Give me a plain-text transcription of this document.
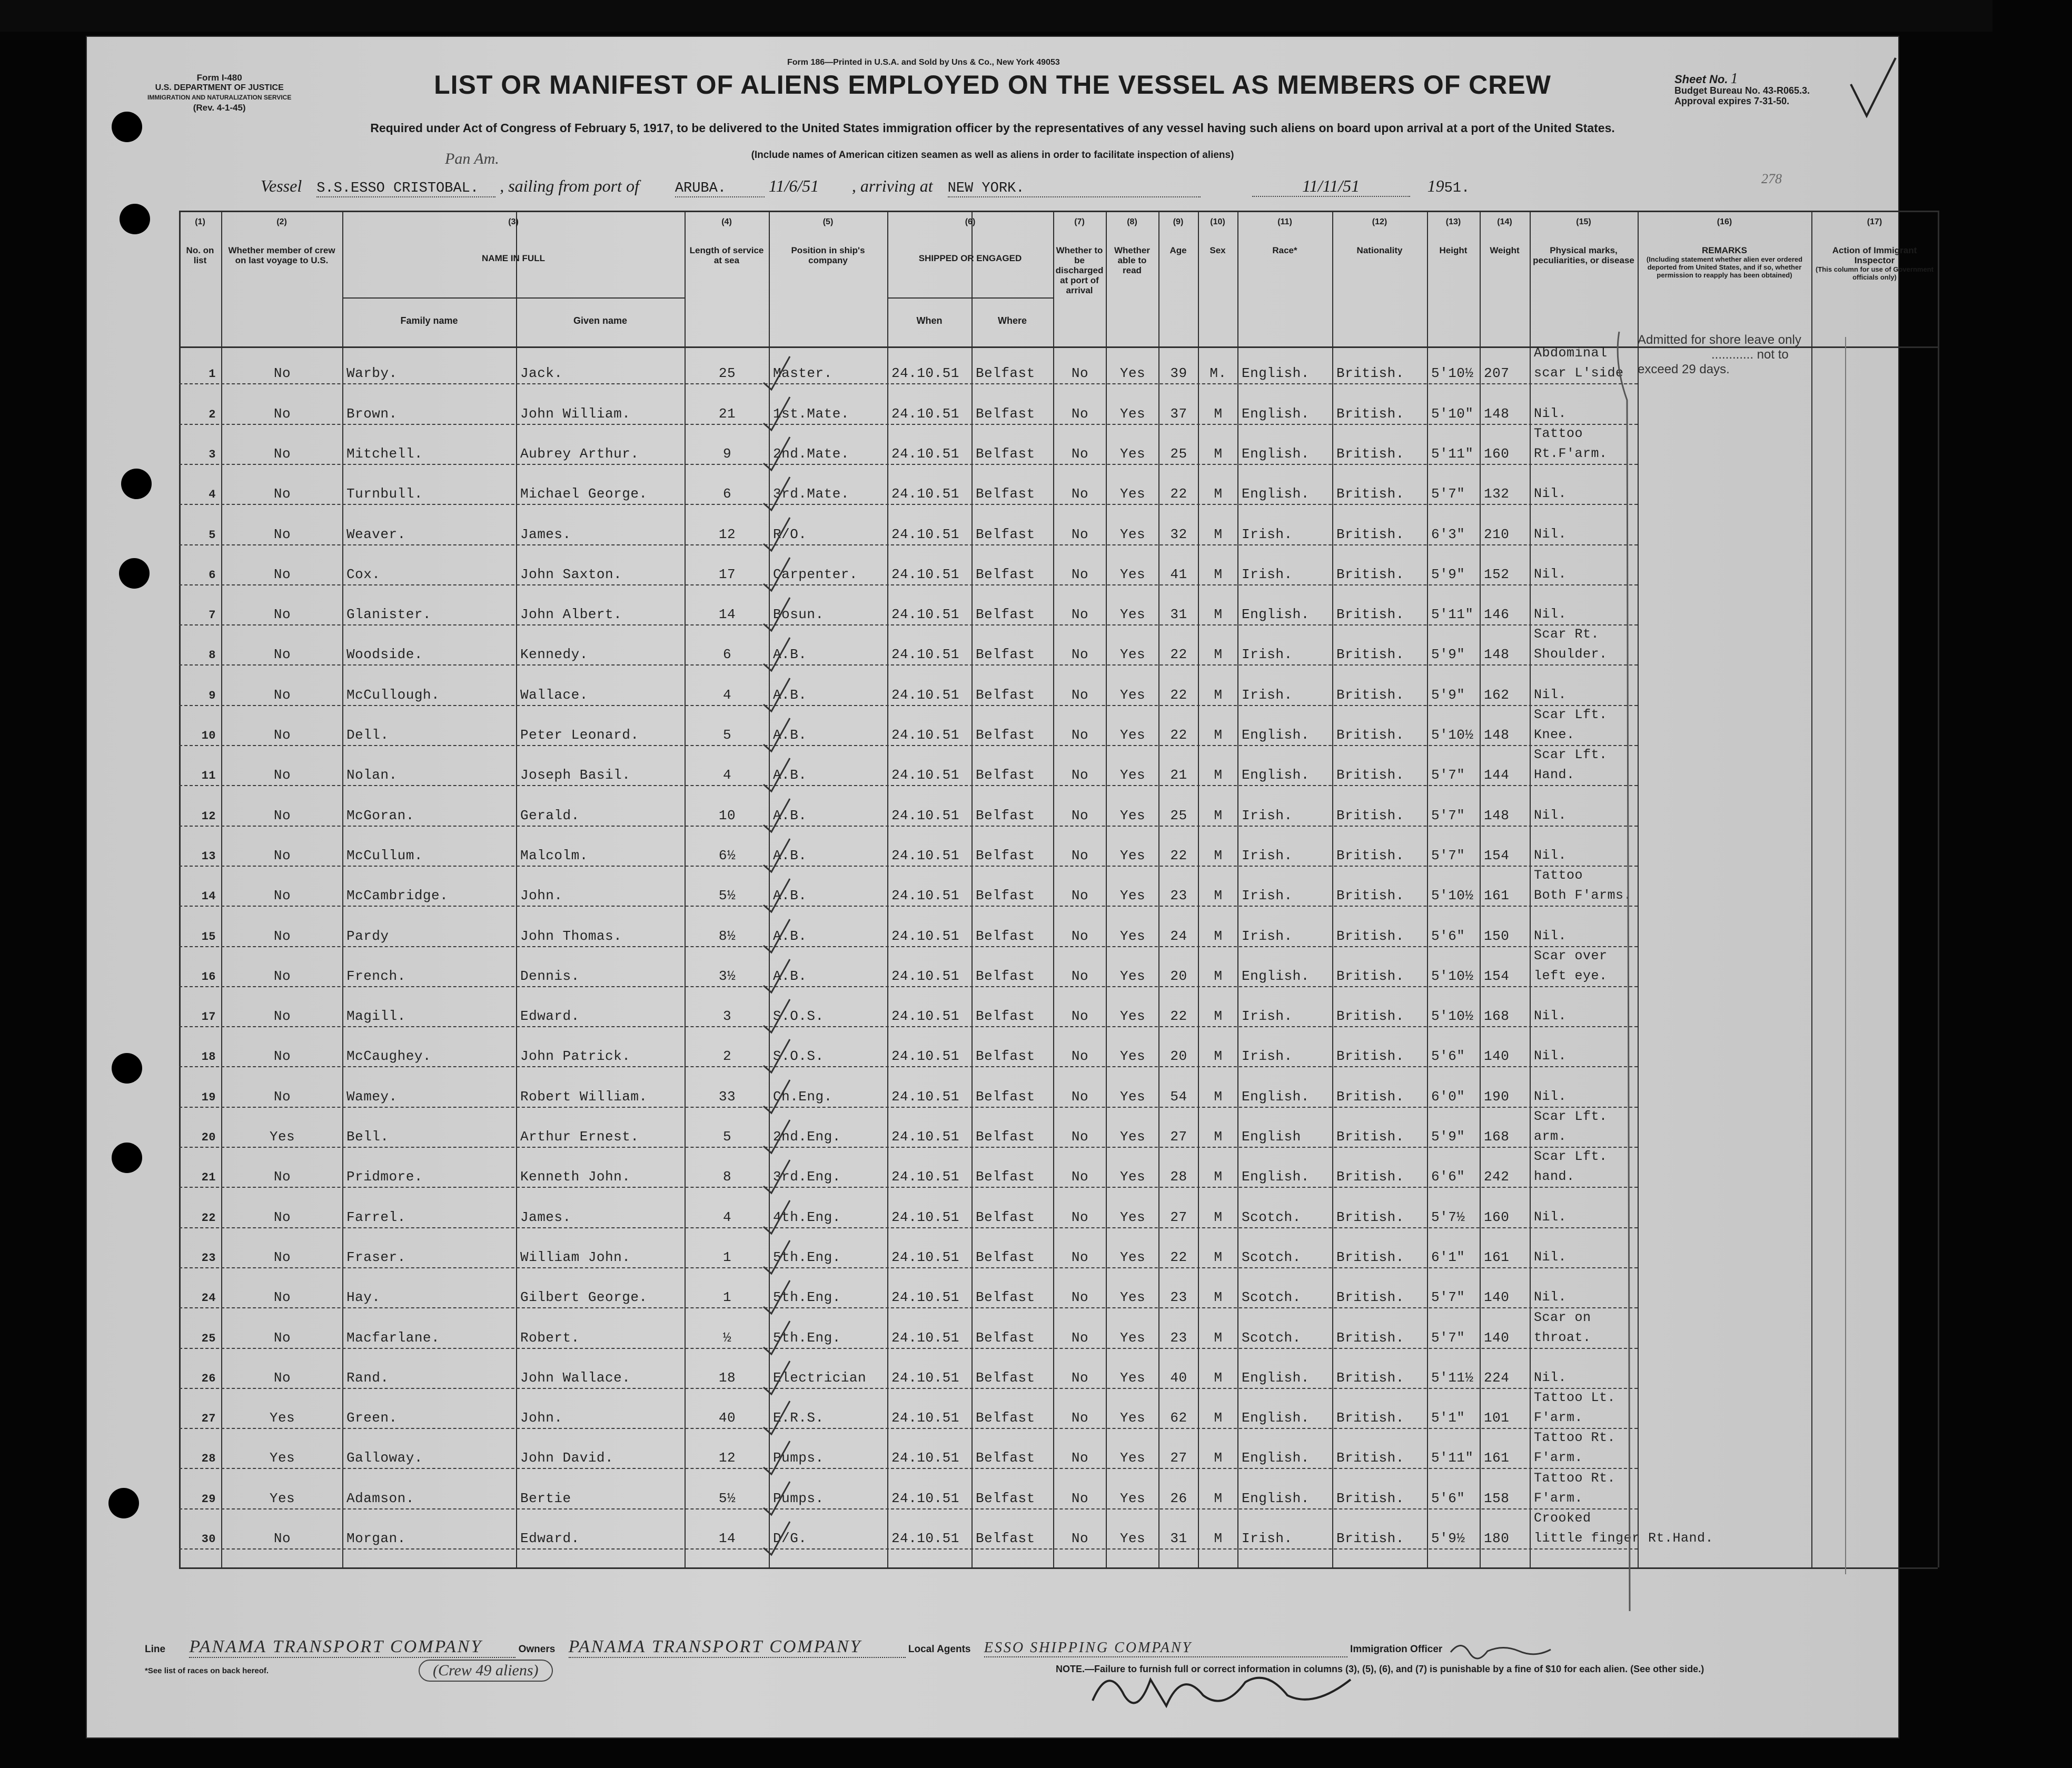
Form I-480
U.S. DEPARTMENT OF JUSTICE
IMMIGRATION AND NATURALIZATION SERVICE
(Rev. 4-1-45)
Form 186—Printed in U.S.A. and Sold by Uns & Co., New York 49053
LIST OR MANIFEST OF ALIENS EMPLOYED ON THE VESSEL AS MEMBERS OF CREW	Sheet No. 1
Budget Bureau No. 43-R065.3.
Approval expires 7-31-50.
Required under Act of Congress of February 5, 1917, to be delivered to the United States immigration officer by the representatives of any vessel having such aliens on board upon arrival at a port of the United States.
(Include names of American citizen seamen as well as aliens in order to facilitate inspection of aliens)
278
Pan Am.
Vessel S.S.ESSO CRISTOBAL. , sailing from port of	ARUBA.	11/6/51 , arriving at NEW YORK.	11/11/51	1951.
(1)
No. on list
(2)
Whether member of crew on last voyage to U.S.
(3)
NAME IN FULL
(4)
Length of service at sea
(5)
Position in ship's company
(6)
SHIPPED OR ENGAGED
(7)
Whether to be discharged at port of arrival
(8)
Whether able to read
(9)
Age
(10)
Sex
(11)
Race*
(12)
Nationality
(13)
Height
(14)
Weight
(15)
Physical marks, peculiarities, or disease
(16)
REMARKS
(Including statement whether alien ever ordered deported from United States, and if so, whether permission to reapply has been obtained)
(17)
Action of Immigrant Inspector
(This column for use of Government officials only)
Family name	Given name	When	Where
1	No	Warby.	Jack.	25	Master.	24.10.51	Belfast	No	Yes	39	M.	English.	British.	5'10½ 207
Abdominal
scar L'side
2	No	Brown.	John William.	21	1st.Mate.	24.10.51	Belfast	No	Yes	37	M	English.	British.	5'10" 148	Nil.
3	No	Mitchell.	Aubrey Arthur.	9	2nd.Mate.	24.10.51	Belfast	No	Yes	25	M	English.	British.	5'11" 160
Tattoo
Rt.F'arm.
4	No	Turnbull.	Michael George.	6	3rd.Mate.	24.10.51	Belfast	No	Yes	22	M	English.	British.	5'7"	132	Nil.
5	No	Weaver.	James.	12	R/O.	24.10.51	Belfast	No	Yes	32	M	Irish.	British.	6'3"	210	Nil.
6	No	Cox.	John Saxton.	17	Carpenter.	24.10.51	Belfast	No	Yes	41	M	Irish.	British.	5'9"	152	Nil.
7	No	Glanister.	John Albert.	14	Bosun.	24.10.51	Belfast	No	Yes	31	M	English.	British.	5'11" 146	Nil.
8	No	Woodside.	Kennedy.	6	A.B.	24.10.51	Belfast	No	Yes	22	M	Irish.	British.	5'9"	148
Scar Rt.
Shoulder.
9	No	McCullough.	Wallace.	4	A.B.	24.10.51	Belfast	No	Yes	22	M	Irish.	British.	5'9"	162	Nil.
10	No	Dell.	Peter Leonard.	5	A.B.	24.10.51	Belfast	No	Yes	22	M	English.	British.	5'10½ 148
Scar Lft.
Knee.
11	No	Nolan.	Joseph Basil.	4	A.B.	24.10.51	Belfast	No	Yes	21	M	English.	British.	5'7"	144
Scar Lft.
Hand.
12	No	McGoran.	Gerald.	10	A.B.	24.10.51	Belfast	No	Yes	25	M	Irish.	British.	5'7"	148	Nil.
13	No	McCullum.	Malcolm.	6½	A.B.	24.10.51	Belfast	No	Yes	22	M	Irish.	British.	5'7"	154	Nil.
14	No	McCambridge.	John.	5½	A.B.	24.10.51	Belfast	No	Yes	23	M	Irish.	British.	5'10½ 161
Tattoo
Both F'arms.
15	No	Pardy	John Thomas.	8½	A.B.	24.10.51	Belfast	No	Yes	24	M	Irish.	British.	5'6"	150	Nil.
16	No	French.	Dennis.	3½	A.B.	24.10.51	Belfast	No	Yes	20	M	English.	British.	5'10½ 154
Scar over
left eye.
17	No	Magill.	Edward.	3	S.O.S.	24.10.51	Belfast	No	Yes	22	M	Irish.	British.	5'10½ 168	Nil.
18	No	McCaughey.	John Patrick.	2	S.O.S.	24.10.51	Belfast	No	Yes	20	M	Irish.	British.	5'6"	140	Nil.
19	No	Wamey.	Robert William.	33	Ch.Eng.	24.10.51	Belfast	No	Yes	54	M	English.	British.	6'0"	190	Nil.
20	Yes	Bell.	Arthur Ernest.	5	2nd.Eng.	24.10.51	Belfast	No	Yes	27	M	English	British.	5'9"	168
Scar Lft.
arm.
21	No	Pridmore.	Kenneth John.	8	3rd.Eng.	24.10.51	Belfast	No	Yes	28	M	English.	British.	6'6"	242
Scar Lft.
hand.
22	No	Farrel.	James.	4	4th.Eng.	24.10.51	Belfast	No	Yes	27	M	Scotch.	British.	5'7½	160	Nil.
23	No	Fraser.	William John.	1	5th.Eng.	24.10.51	Belfast	No	Yes	22	M	Scotch.	British.	6'1"	161	Nil.
24	No	Hay.	Gilbert George.	1	5th.Eng.	24.10.51	Belfast	No	Yes	23	M	Scotch.	British.	5'7"	140	Nil.
25	No	Macfarlane.	Robert.	½	5th.Eng.	24.10.51	Belfast	No	Yes	23	M	Scotch.	British.	5'7"	140
Scar on
throat.
26	No	Rand.	John Wallace.	18	Electrician	24.10.51	Belfast	No	Yes	40	M	English.	British.	5'11½ 224	Nil.
27	Yes	Green.	John.	40	E.R.S.	24.10.51	Belfast	No	Yes	62	M	English.	British.	5'1"	101
Tattoo Lt.
F'arm.
28	Yes	Galloway.	John David.	12	Pumps.	24.10.51	Belfast	No	Yes	27	M	English.	British.	5'11" 161
Tattoo Rt.
F'arm.
29	Yes	Adamson.	Bertie	5½	Pumps.	24.10.51	Belfast	No	Yes	26	M	English.	British.	5'6"	158
Tattoo Rt.
F'arm.
30	No	Morgan.	Edward.	14	D/G.	24.10.51	Belfast	No	Yes	31	M	Irish.	British.	5'9½	180
Crooked
little finger Rt.Hand.
Admitted for shore leave only
............ not to
exceed 29 days.
Line PANAMA TRANSPORT COMPANY	Owners PANAMA TRANSPORT COMPANY	Local Agents ESSO SHIPPING COMPANY	Immigration Officer
*See list of races on back hereof.	(Crew 49 aliens)	NOTE.—Failure to furnish full or correct information in columns (3), (5), (6), and (7) is punishable by a fine of $10 for each alien. (See other side.)
